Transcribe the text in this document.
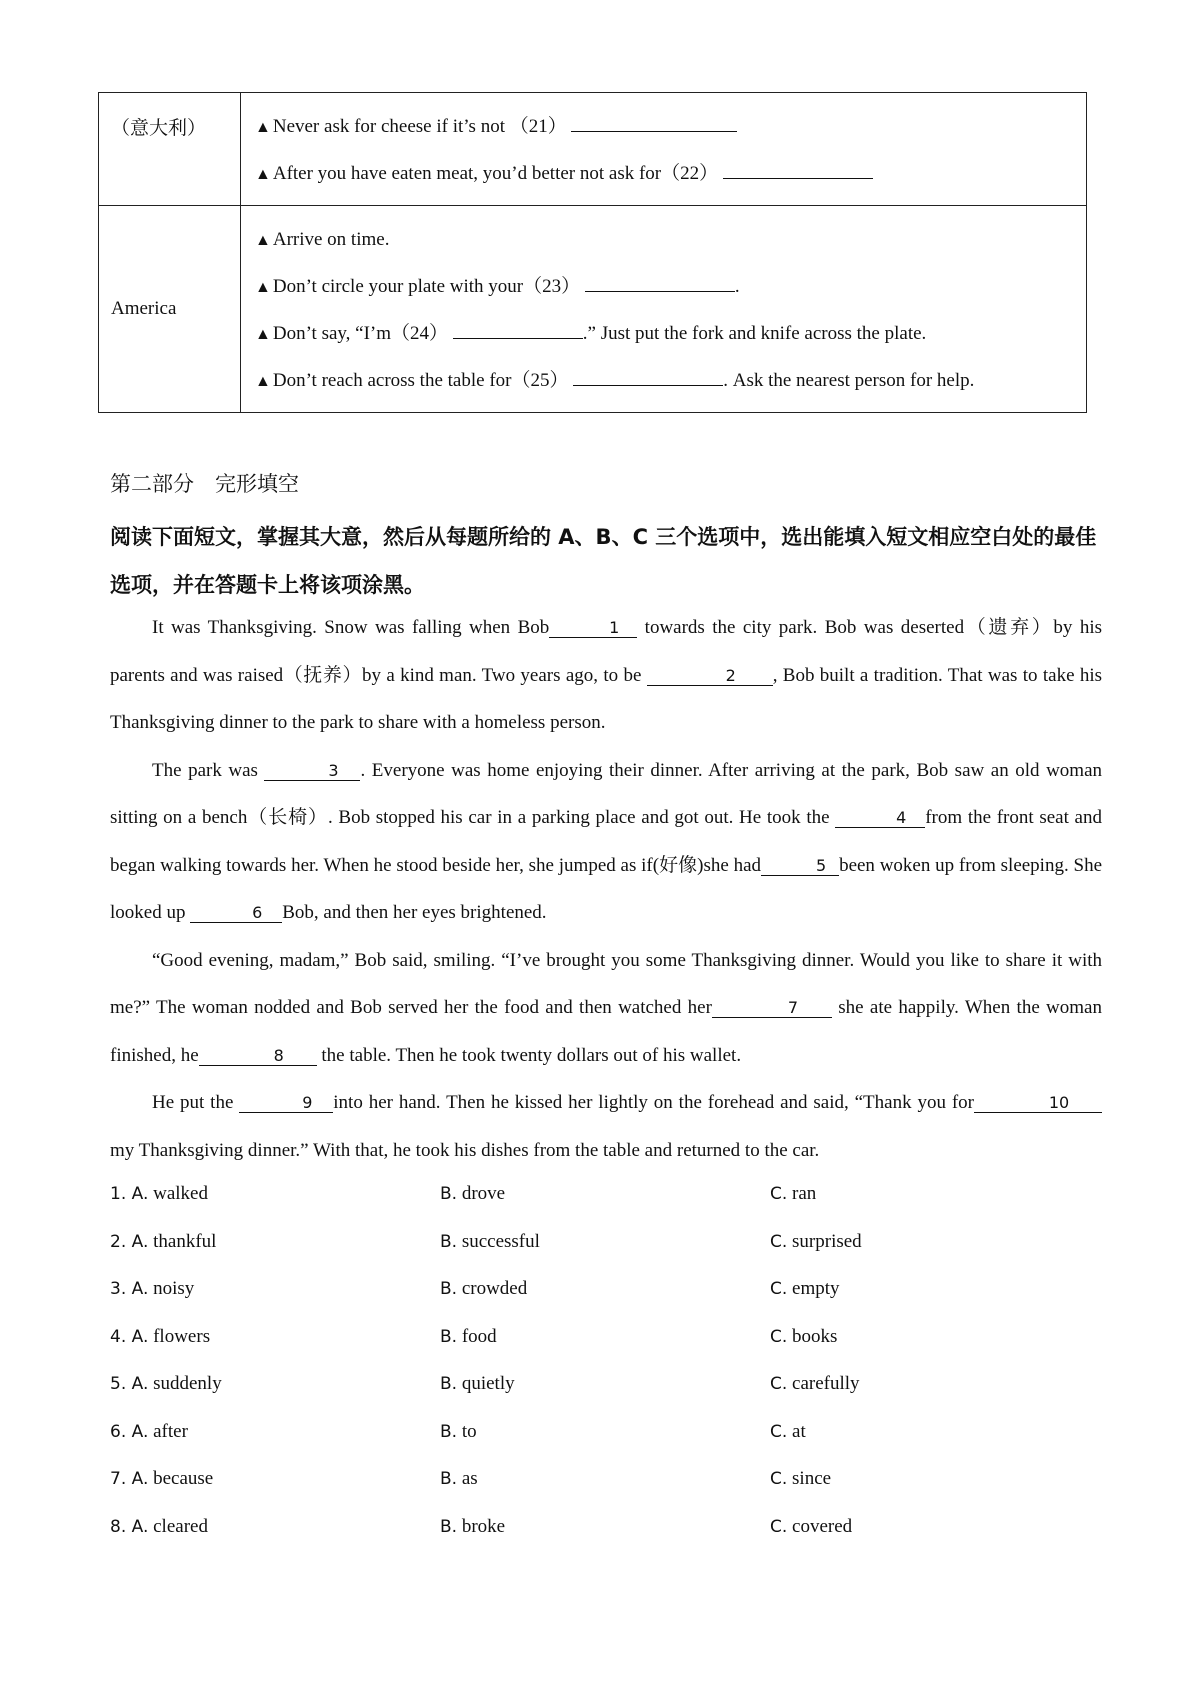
（意大利）	▲ Never ask for cheese if it’s not （21）
▲ After you have eaten meat, you’d better not ask for（22）
America
▲ Arrive on time.
▲ Don’t circle your plate with your（23）	.
▲ Don’t say, “I’m（24）	.” Just put the fork and knife across the plate.
▲ Don’t reach across the table for（25）	. Ask the nearest person for help.
第二部分　完形填空
阅读下面短文，掌握其大意，然后从每题所给的 A、B、C 三个选项中，选出能填入短文相应空白处的最佳选项，并在答题卡上将该项涂黑。

It was Thanksgiving. Snow was falling when Bob	1 towards the city park. Bob was deserted（遗弃）by his parents and was raised（抚养）by a kind man. Two years ago, to be	2 , Bob built a tradition. That was to take his Thanksgiving dinner to the park to share with a homeless person.

The park was	3 . Everyone was home enjoying their dinner. After arriving at the park, Bob saw an old woman sitting on a bench（长椅）. Bob stopped his car in a parking place and got out. He took the	4 from the front seat and began walking towards her. When he stood beside her, she jumped as if(好像)she had	5 been woken up from sleeping. She looked up	6 Bob, and then her eyes brightened.

“Good evening, madam,” Bob said, smiling. “I’ve brought you some Thanksgiving dinner. Would you like to share it with me?” The woman nodded and Bob served her the food and then watched her	7 she ate happily. When the woman finished, he	8 the table. Then he took twenty dollars out of his wallet.

He put the	9 into her hand. Then he kissed her lightly on the forehead and said, “Thank you for	10my Thanksgiving dinner.” With that, he took his dishes from the table and returned to the car.

1. A. walked	B. drove	C. ran
2. A. thankful	B. successful	C. surprised
3. A. noisy	B. crowded	C. empty
4. A. flowers	B. food	C. books
5. A. suddenly	B. quietly	C. carefully
6. A. after	B. to	C. at
7. A. because	B. as	C. since
8. A. cleared	B. broke	C. covered
